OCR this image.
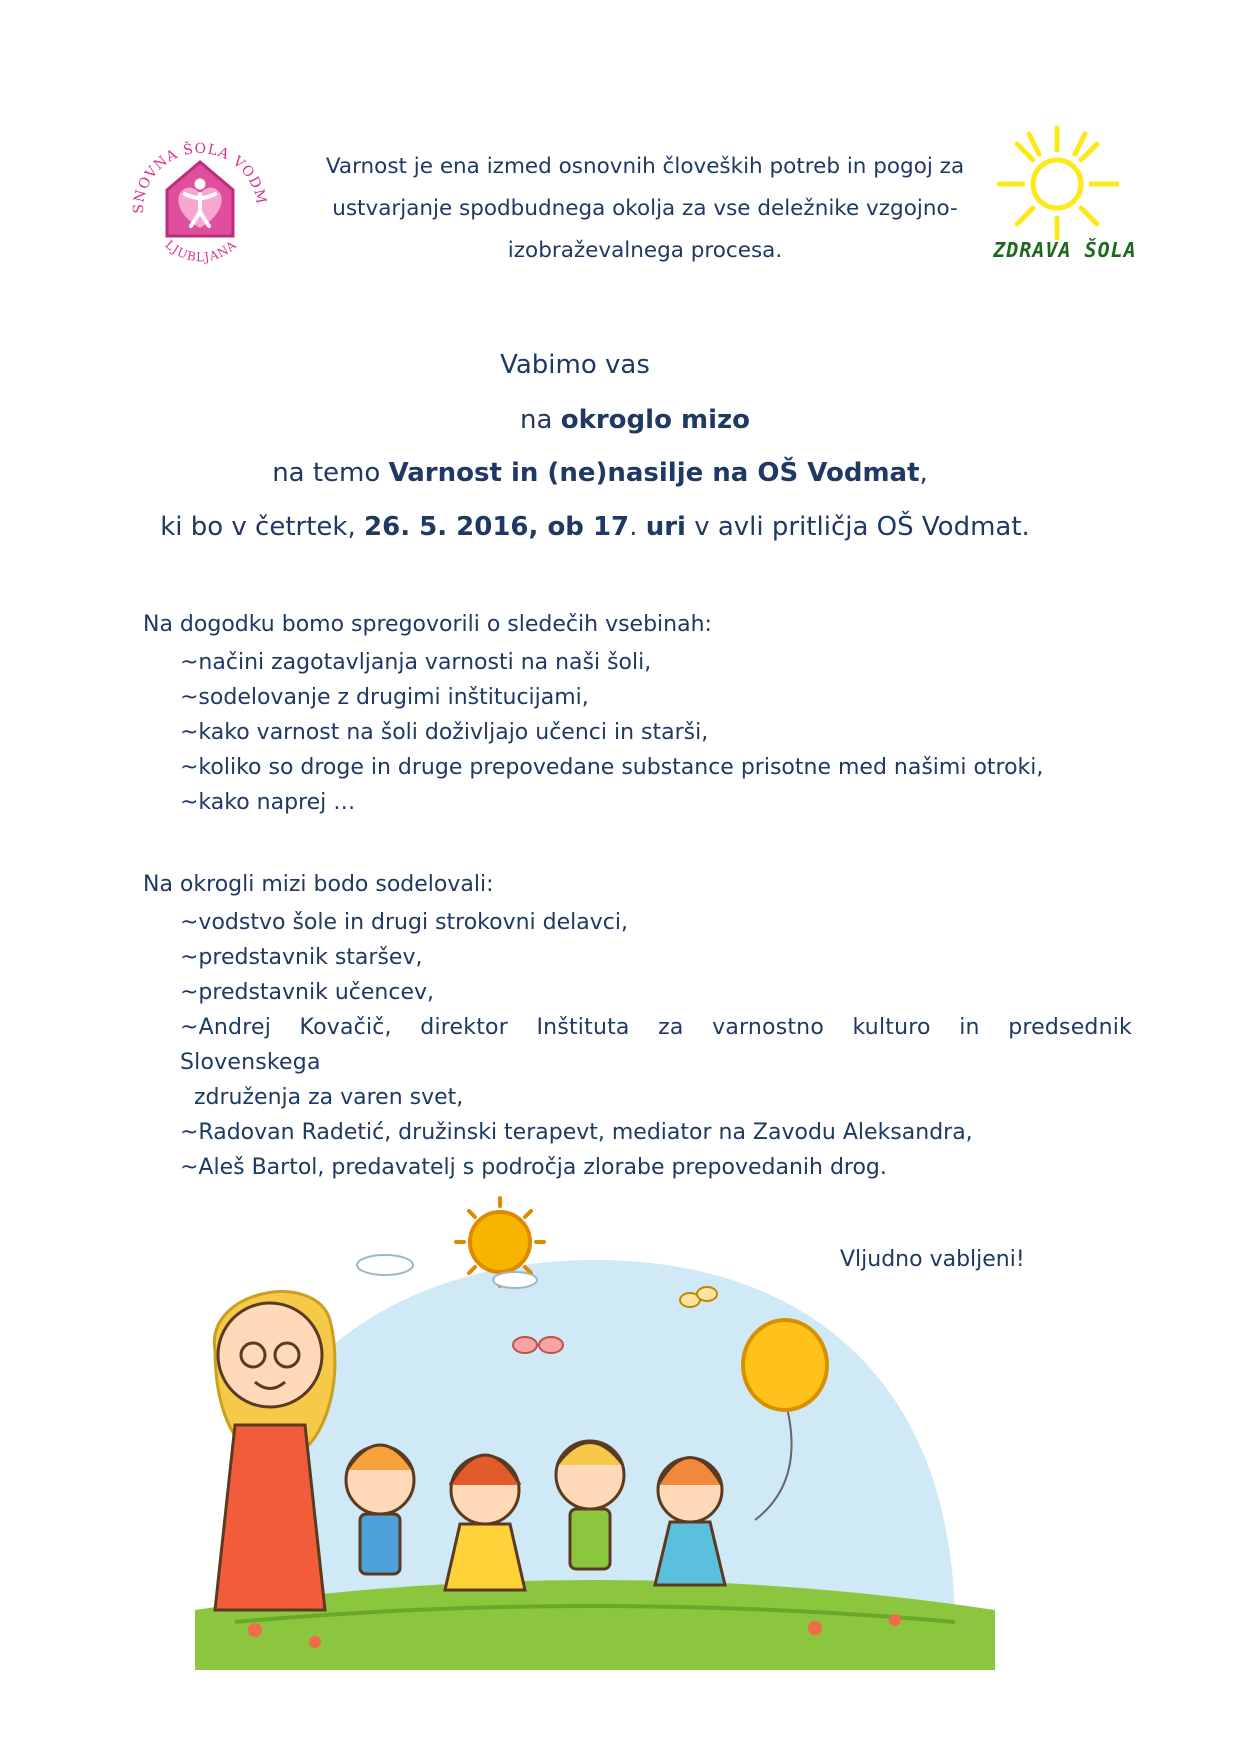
SNOVNA ŠOLA VODM
LJUBLJANA
Varnost je ena izmed osnovnih človeških potreb in pogoj za
ustvarjanje spodbudnega okolja za vse deležnike vzgojno-
izobraževalnega procesa.	ZDRAVA ŠOLA
Vabimo vas
na okroglo mizo
na temo Varnost in (ne)nasilje na OŠ Vodmat,
ki bo v četrtek, 26. 5. 2016, ob 17. uri v avli pritličja OŠ Vodmat.
Na dogodku bomo spregovorili o sledečih vsebinah:
~načini zagotavljanja varnosti na naši šoli,
~sodelovanje z drugimi inštitucijami,
~kako varnost na šoli doživljajo učenci in starši,
~koliko so droge in druge prepovedane substance prisotne med našimi otroki,
~kako naprej …
Na okrogli mizi bodo sodelovali:
~vodstvo šole in drugi strokovni delavci,
~predstavnik staršev,
~predstavnik učencev,
~Andrej Kovačič, direktor Inštituta za varnostno kulturo in predsednik Slovenskega
združenja za varen svet,
~Radovan Radetić, družinski terapevt, mediator na Zavodu Aleksandra,
~Aleš Bartol, predavatelj s področja zlorabe prepovedanih drog.
Vljudno vabljeni!
